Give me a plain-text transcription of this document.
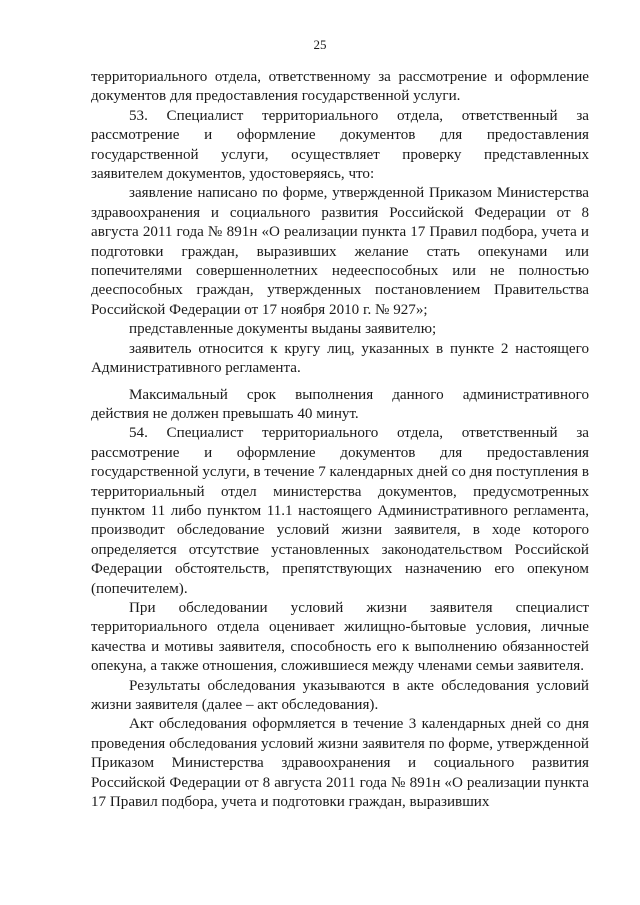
25

территориального отдела, ответственному за рассмотрение и оформление документов для предоставления государственной услуги.

53. Специалист территориального отдела, ответственный за рассмотрение и оформление документов для предоставления государственной услуги, осуществляет проверку представленных заявителем документов, удостоверяясь, что:

заявление написано по форме, утвержденной Приказом Министерства здравоохранения и социального развития Российской Федерации от 8 августа 2011 года № 891н «О реализации пункта 17 Правил подбора, учета и подготовки граждан, выразивших желание стать опекунами или попечителями совершеннолетних недееспособных или не полностью дееспособных граждан, утвержденных постановлением Правительства Российской Федерации от 17 ноября 2010 г. № 927»;

представленные документы выданы заявителю;

заявитель относится к кругу лиц, указанных в пункте 2 настоящего Административного регламента.

Максимальный срок выполнения данного административного действия не должен превышать 40 минут.

54. Специалист территориального отдела, ответственный за рассмотрение и оформление документов для предоставления государственной услуги, в течение 7 календарных дней со дня поступления в территориальный отдел министерства документов, предусмотренных пунктом 11 либо пунктом 11.1 настоящего Административного регламента, производит обследование условий жизни заявителя, в ходе которого определяется отсутствие установленных законодательством Российской Федерации обстоятельств, препятствующих назначению его опекуном (попечителем).

При обследовании условий жизни заявителя специалист территориального отдела оценивает жилищно-бытовые условия, личные качества и мотивы заявителя, способность его к выполнению обязанностей опекуна, а также отношения, сложившиеся между членами семьи заявителя.

Результаты обследования указываются в акте обследования условий жизни заявителя (далее – акт обследования).

Акт обследования оформляется в течение 3 календарных дней со дня проведения обследования условий жизни заявителя по форме, утвержденной Приказом Министерства здравоохранения и социального развития Российской Федерации от 8 августа 2011 года № 891н «О реализации пункта 17 Правил подбора, учета и подготовки граждан, выразивших
